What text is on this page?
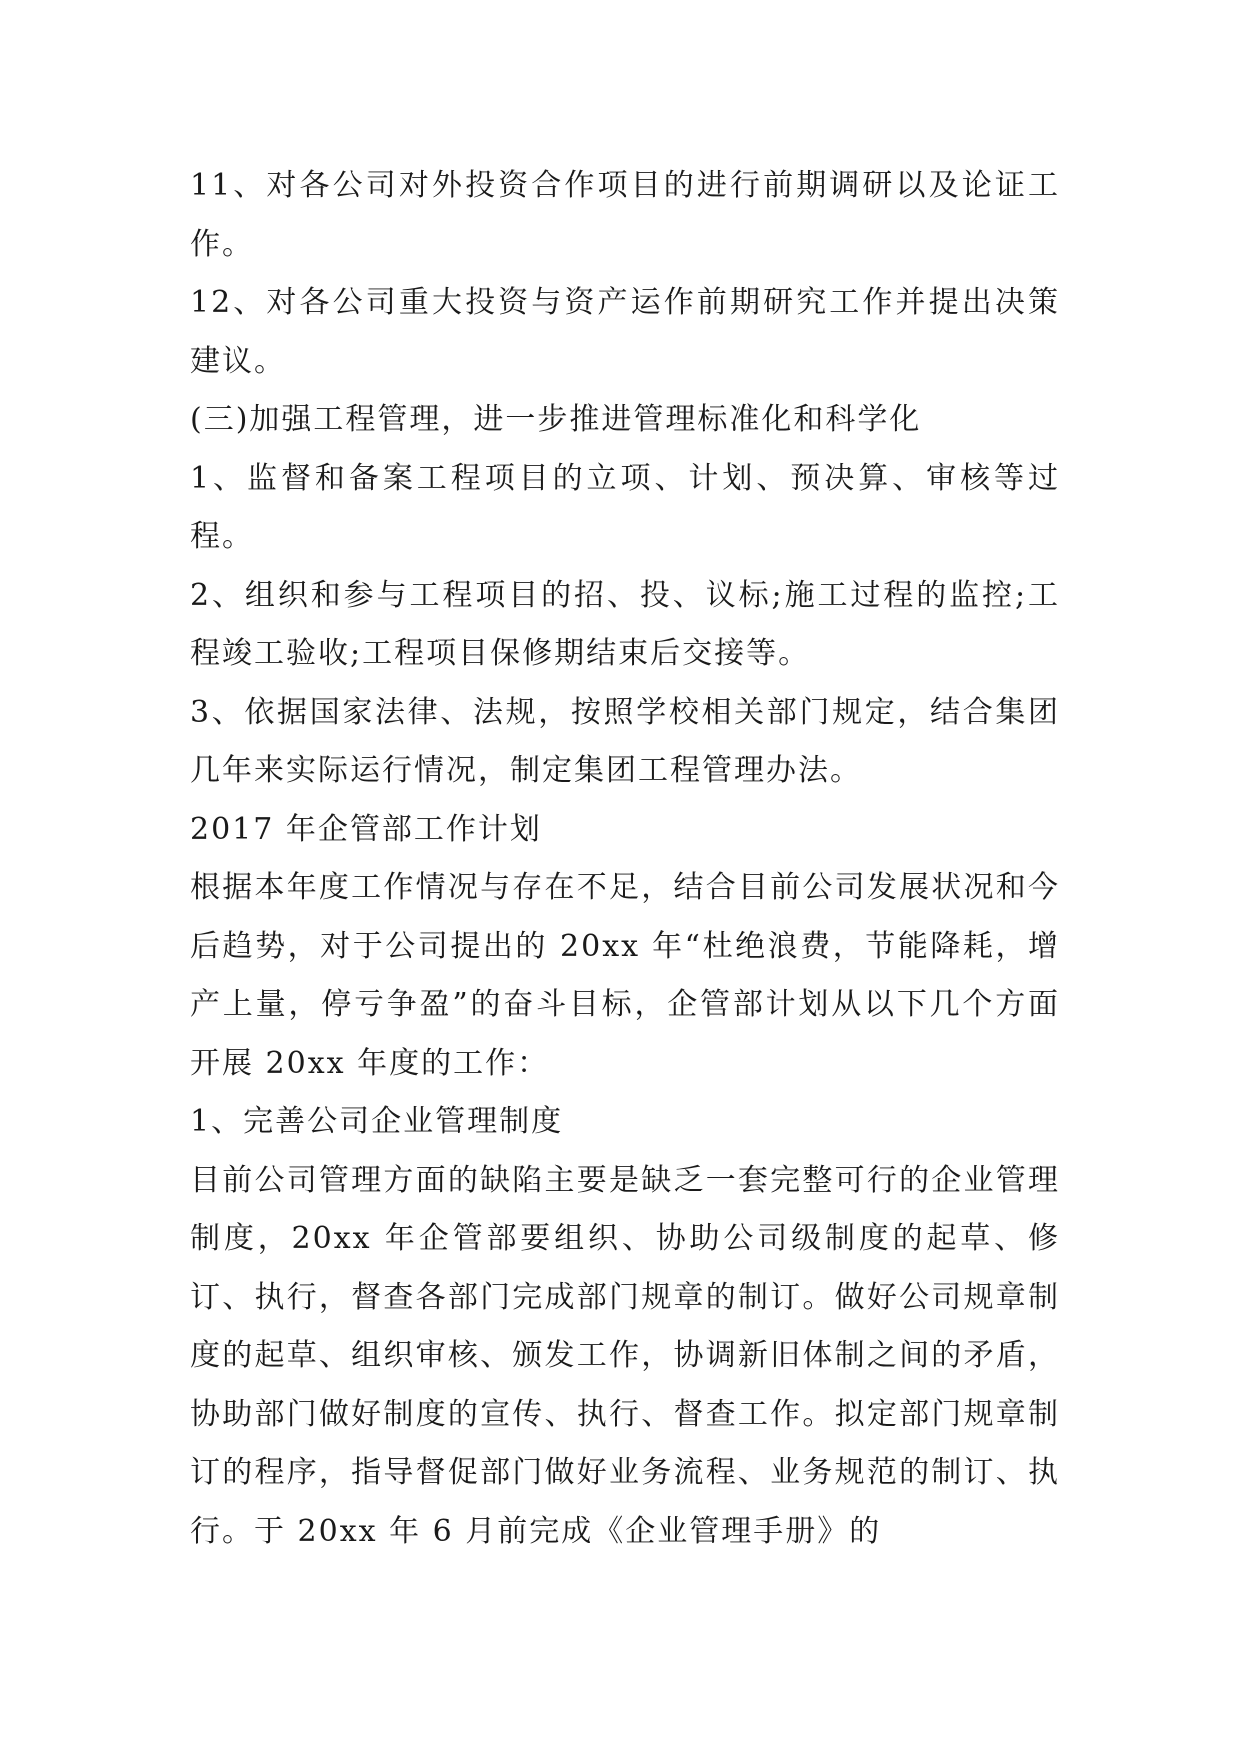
11、对各公司对外投资合作项目的进行前期调研以及论证工作。

12、对各公司重大投资与资产运作前期研究工作并提出决策建议。

(三)加强工程管理，进一步推进管理标准化和科学化

1、监督和备案工程项目的立项、计划、预决算、审核等过程。

2、组织和参与工程项目的招、投、议标;施工过程的监控;工程竣工验收;工程项目保修期结束后交接等。

3、依据国家法律、法规，按照学校相关部门规定，结合集团几年来实际运行情况，制定集团工程管理办法。

2017 年企管部工作计划

根据本年度工作情况与存在不足，结合目前公司发展状况和今后趋势，对于公司提出的 20xx 年“杜绝浪费，节能降耗，增产上量，停亏争盈”的奋斗目标，企管部计划从以下几个方面开展 20xx 年度的工作：

1、完善公司企业管理制度

目前公司管理方面的缺陷主要是缺乏一套完整可行的企业管理制度，20xx 年企管部要组织、协助公司级制度的起草、修订、执行，督查各部门完成部门规章的制订。做好公司规章制度的起草、组织审核、颁发工作，协调新旧体制之间的矛盾，协助部门做好制度的宣传、执行、督查工作。拟定部门规章制订的程序，指导督促部门做好业务流程、业务规范的制订、执行。于 20xx 年 6 月前完成《企业管理手册》的
